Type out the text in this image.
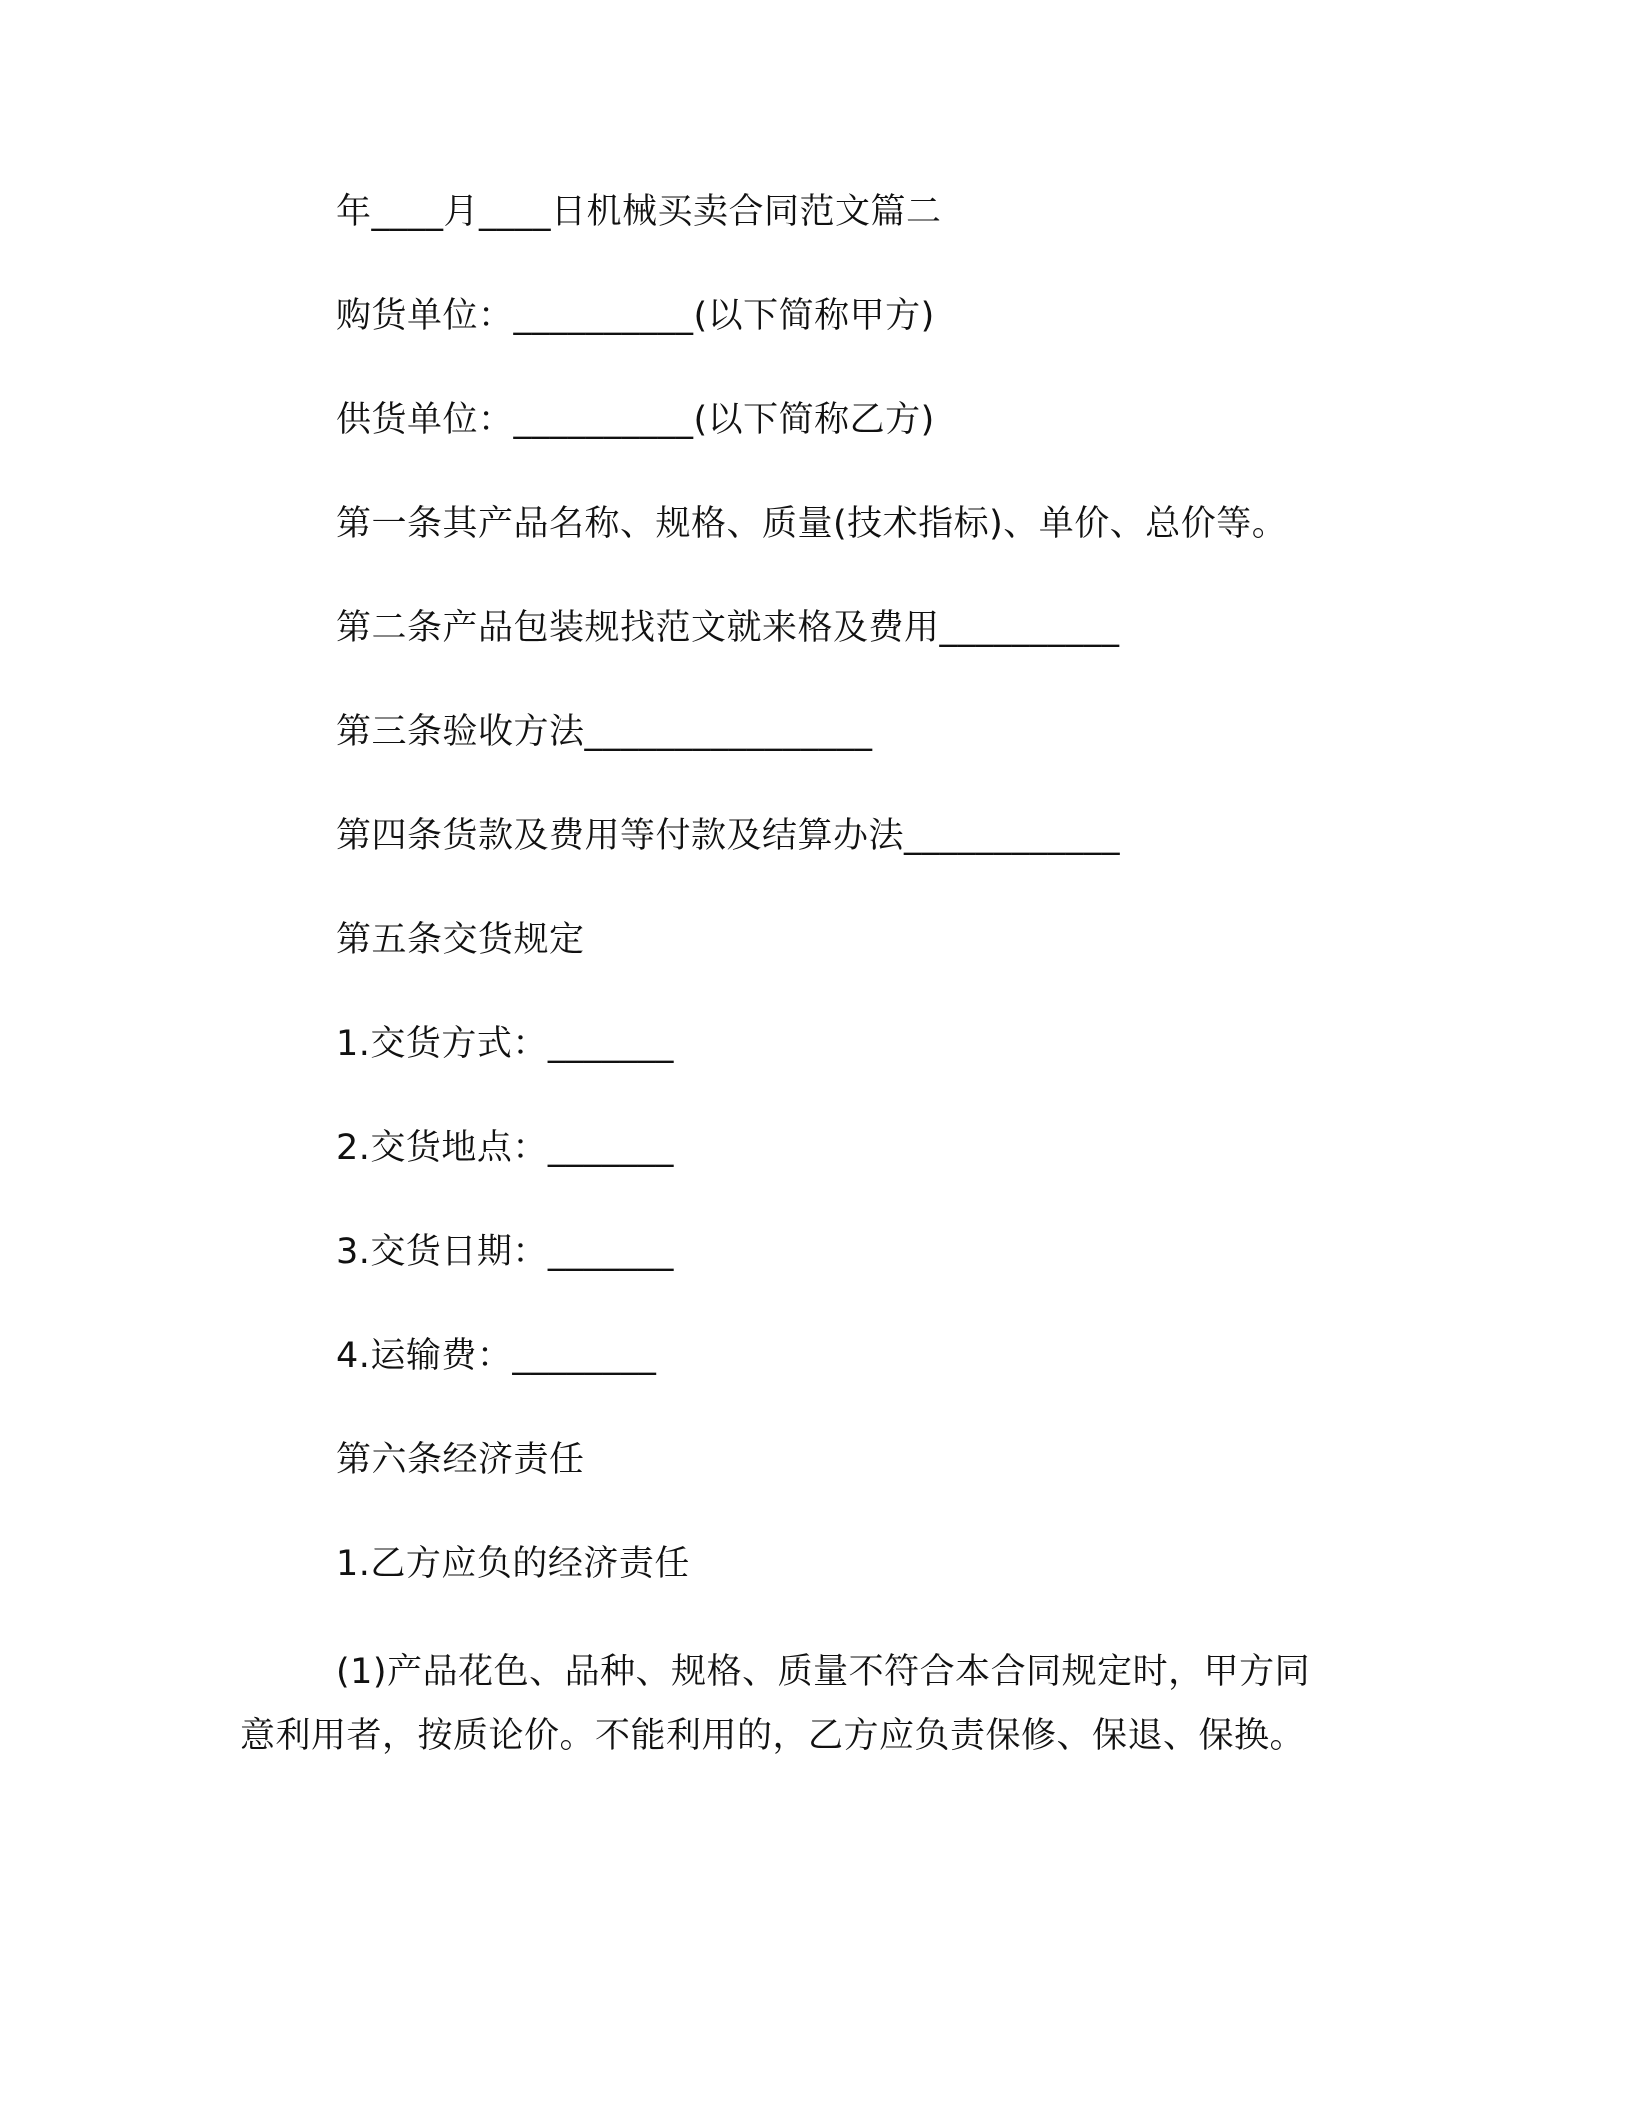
年____月____日机械买卖合同范文篇二

购货单位：__________(以下简称甲方)

供货单位：__________(以下简称乙方)

第一条其产品名称、规格、质量(技术指标)、单价、总价等。

第二条产品包装规找范文就来格及费用__________

第三条验收方法________________

第四条货款及费用等付款及结算办法____________

第五条交货规定

1.交货方式：_______

2.交货地点：_______

3.交货日期：_______

4.运输费：________

第六条经济责任

1.乙方应负的经济责任

(1)产品花色、品种、规格、质量不符合本合同规定时，甲方同
意利用者，按质论价。不能利用的，乙方应负责保修、保退、保换。
